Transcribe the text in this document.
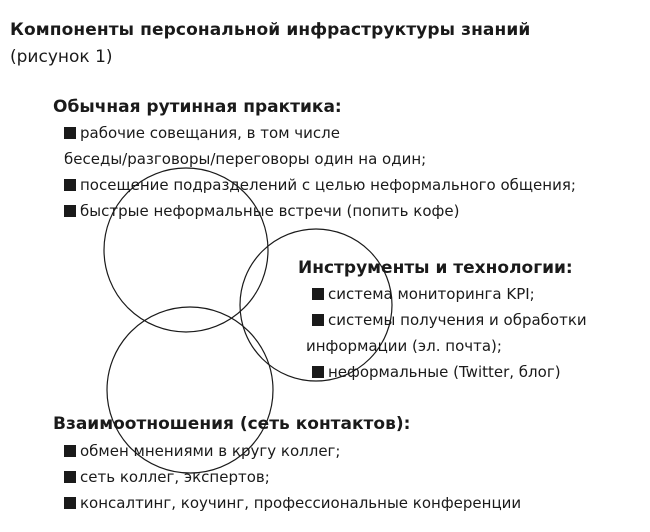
Компоненты персональной инфраструктуры знаний
(рисунок 1)
Обычная рутинная практика:
рабочие совещания, в том числе
беседы/разговоры/переговоры один на один;
посещение подразделений с целью неформального общения;
быстрые неформальные встречи (попить кофе)
Инструменты и технологии:
система мониторинга KPI;
системы получения и обработки
информации (эл. почта);
неформальные (Twitter, блог)
Взаимоотношения (сеть контактов):
обмен мнениями в кругу коллег;
сеть коллег, экспертов;
консалтинг, коучинг, профессиональные конференции
